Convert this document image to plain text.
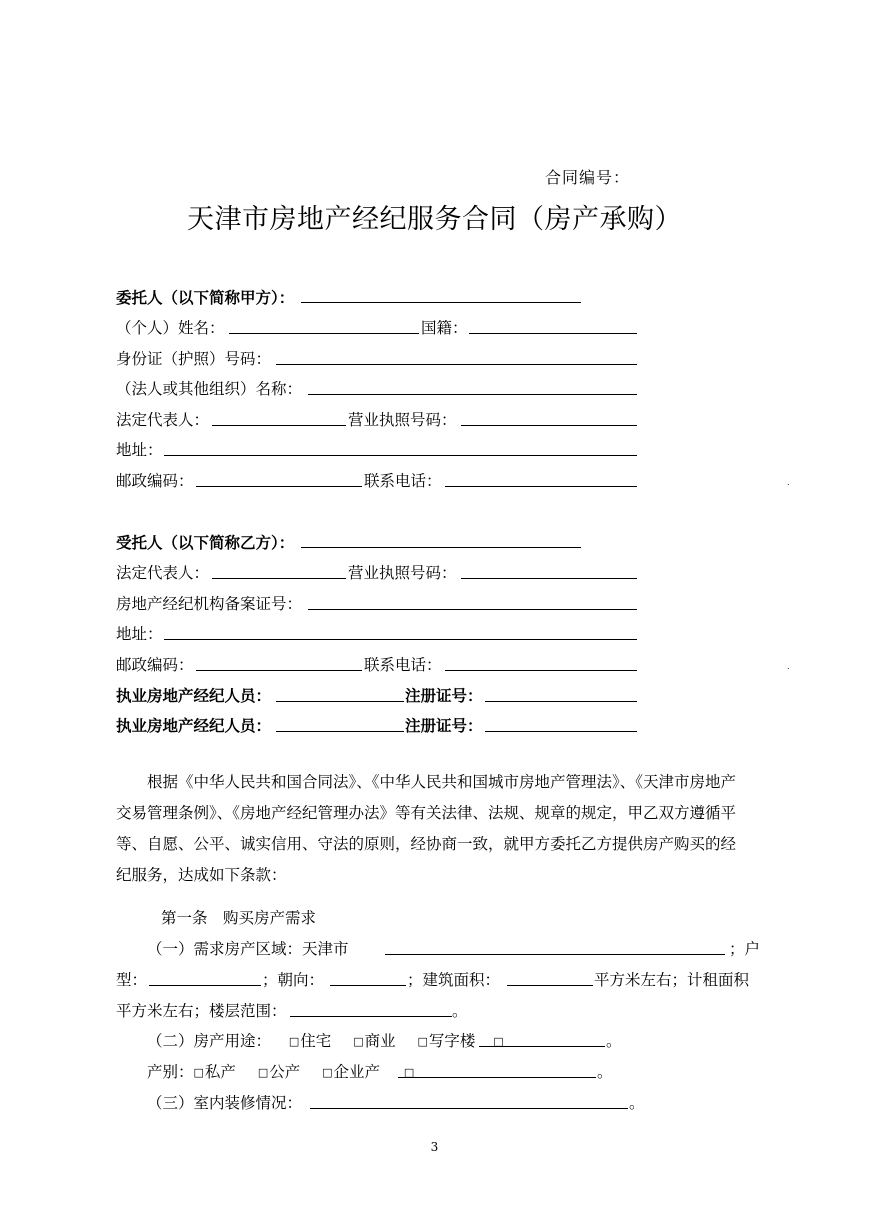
合同编号：
天津市房地产经纪服务合同（房产承购）
委托人（以下简称甲方）：
（个人）姓名：	国籍：
身份证（护照）号码：
（法人或其他组织）名称：
法定代表人：	营业执照号码：
地址：
邮政编码：	联系电话：	.
受托人（以下简称乙方）：
法定代表人：	营业执照号码：
房地产经纪机构备案证号：
地址：
邮政编码：	联系电话：	.
执业房地产经纪人员：	注册证号：
执业房地产经纪人员：	注册证号：
根据《中华人民共和国合同法》、《中华人民共和国城市房地产管理法》、《天津市房地产
交易管理条例》、《房地产经纪管理办法》等有关法律、法规、规章的规定，甲乙双方遵循平
等、自愿、公平、诚实信用、守法的原则，经协商一致，就甲方委托乙方提供房产购买的经
纪服务，达成如下条款：
第一条　购买房产需求
（一）需求房产区域：天津市	；户
型：	；朝向：	；建筑面积：	平方米左右；计租面积
平方米左右；楼层范围：	。
（二）房产用途： □住宅 □商业 □写字楼 □	。
产别：□私产 □公产 □企业产 □	。
（三）室内装修情况：	。
3
